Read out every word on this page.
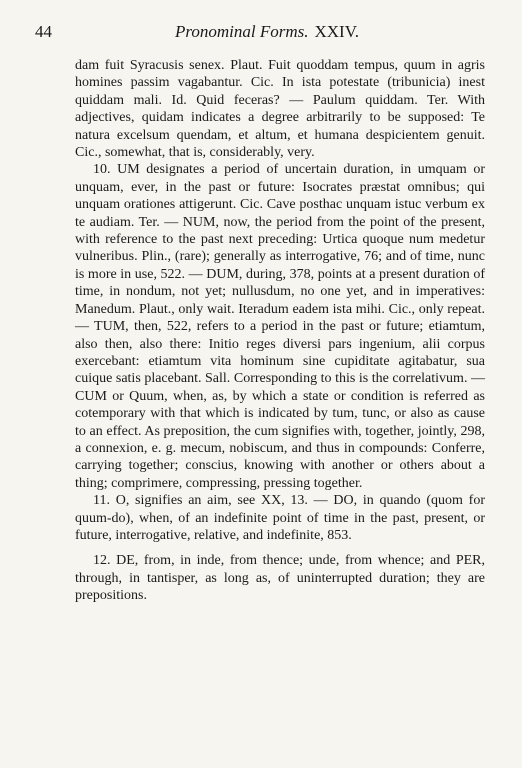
44	Pronominal Forms. XXIV.

dam fuit Syracusis senex. Plaut. Fuit quoddam tempus, quum in agris homines passim vagabantur. Cic. In ista potestate (tribunicia) inest quiddam mali. Id. Quid feceras? — Paulum quiddam. Ter. With adjectives, quidam indicates a degree arbitrarily to be supposed: Te natura excelsum quendam, et altum, et humana despicientem genuit. Cic., somewhat, that is, considerably, very.

10. UM designates a period of uncertain duration, in umquam or unquam, ever, in the past or future: Isocrates præstat omnibus; qui unquam orationes attigerunt. Cic. Cave posthac unquam istuc verbum ex te audiam. Ter. — NUM, now, the period from the point of the present, with reference to the past next preceding: Urtica quoque num medetur vulneribus. Plin., (rare); generally as interrogative, 76; and of time, nunc is more in use, 522. — DUM, during, 378, points at a present duration of time, in nondum, not yet; nullusdum, no one yet, and in imperatives: Manedum. Plaut., only wait. Iteradum eadem ista mihi. Cic., only repeat. — TUM, then, 522, refers to a period in the past or future; etiamtum, also then, also there: Initio reges diversi pars ingenium, alii corpus exercebant: etiamtum vita hominum sine cupiditate agitabatur, sua cuique satis placebant. Sall. Corresponding to this is the correlativum. — CUM or Quum, when, as, by which a state or condition is referred as cotemporary with that which is indicated by tum, tunc, or also as cause to an effect. As preposition, the cum signifies with, together, jointly, 298, a connexion, e. g. mecum, nobiscum, and thus in compounds: Conferre, carrying together; conscius, knowing with another or others about a thing; comprimere, compressing, pressing together.

11. O, signifies an aim, see XX, 13. — DO, in quando (quom for quum-do), when, of an indefinite point of time in the past, present, or future, interrogative, relative, and indefinite, 853.

12. DE, from, in inde, from thence; unde, from whence; and PER, through, in tantisper, as long as, of uninterrupted duration; they are prepositions.
